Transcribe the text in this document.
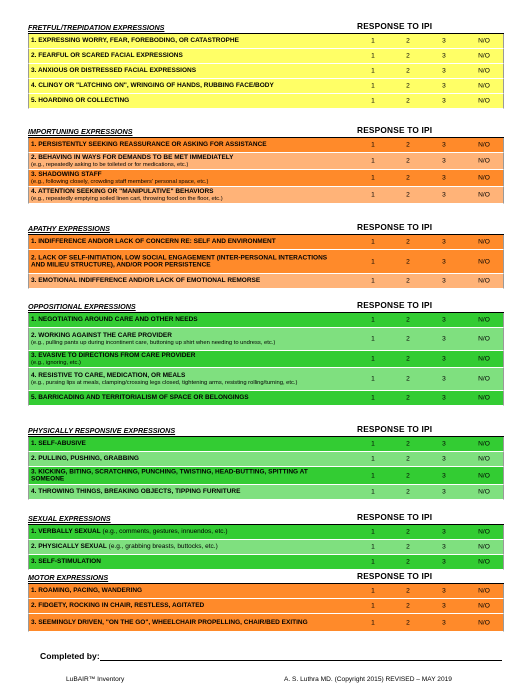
FRETFUL/TREPIDATION EXPRESSIONS	RESPONSE TO IPI
1. EXPRESSING WORRY, FEAR, FOREBODING, OR CATASTROPHE	1	2	3	N/O
2. FEARFUL OR SCARED FACIAL EXPRESSIONS	1	2	3	N/O
3. ANXIOUS OR DISTRESSED FACIAL EXPRESSIONS	1	2	3	N/O
4. CLINGY OR "LATCHING ON", WRINGING OF HANDS, RUBBING FACE/BODY	1	2	3	N/O
5. HOARDING OR COLLECTING	1	2	3	N/O
IMPORTUNING EXPRESSIONS	RESPONSE TO IPI
1. PERSISTENTLY SEEKING REASSURANCE OR ASKING FOR ASSISTANCE	1	2	3	N/O
2. BEHAVING IN WAYS FOR DEMANDS TO BE MET IMMEDIATELY
(e.g., repeatedly asking to be toileted or for medications, etc.)
1	2	3	N/O
3. SHADOWING STAFF
(e.g., following closely, crowding staff members' personal space, etc.)
1	2	3	N/O
4. ATTENTION SEEKING OR "MANIPULATIVE" BEHAVIORS
(e.g., repeatedly emptying soiled linen cart, throwing food on the floor, etc.)
1	2	3	N/O
APATHY EXPRESSIONS	RESPONSE TO IPI
1. INDIFFERENCE AND/OR LACK OF CONCERN RE: SELF AND ENVIRONMENT	1	2	3	N/O
2. LACK OF SELF-INITIATION, LOW SOCIAL ENGAGEMENT (INTER-PERSONAL INTERACTIONS AND MILIEU STRUCTURE), AND/OR POOR PERSISTENCE	1	2	3	N/O
3. EMOTIONAL INDIFFERENCE AND/OR LACK OF EMOTIONAL REMORSE	1	2	3	N/O
OPPOSITIONAL EXPRESSIONS	RESPONSE TO IPI
1. NEGOTIATING AROUND CARE AND OTHER NEEDS	1	2	3	N/O
2. WORKING AGAINST THE CARE PROVIDER
(e.g., pulling pants up during incontinent care, buttoning up shirt when needing to undress, etc.)
1	2	3	N/O
3. EVASIVE TO DIRECTIONS FROM CARE PROVIDER
(e.g., ignoring, etc.)
1	2	3	N/O
4. RESISTIVE TO CARE, MEDICATION, OR MEALS
(e.g., pursing lips at meals, clamping/crossing legs closed, tightening arms, resisting rolling/turning, etc.)
1	2	3	N/O
5. BARRICADING AND TERRITORIALISM OF SPACE OR BELONGINGS	1	2	3	N/O
PHYSICALLY RESPONSIVE EXPRESSIONS	RESPONSE TO IPI
1. SELF-ABUSIVE	1	2	3	N/O
2. PULLING, PUSHING, GRABBING	1	2	3	N/O
3. KICKING, BITING, SCRATCHING, PUNCHING, TWISTING, HEAD-BUTTING, SPITTING AT SOMEONE	1	2	3	N/O
4. THROWING THINGS, BREAKING OBJECTS, TIPPING FURNITURE	1	2	3	N/O
SEXUAL EXPRESSIONS	RESPONSE TO IPI
1. VERBALLY SEXUAL (e.g., comments, gestures, innuendos, etc.)	1	2	3	N/O
2. PHYSICALLY SEXUAL (e.g., grabbing breasts, buttocks, etc.)	1	2	3	N/O
3. SELF-STIMULATION	1	2	3	N/O
MOTOR EXPRESSIONS	RESPONSE TO IPI
1. ROAMING, PACING, WANDERING	1	2	3	N/O
2. FIDGETY, ROCKING IN CHAIR, RESTLESS, AGITATED	1	2	3	N/O
3. SEEMINGLY DRIVEN, "ON THE GO", WHEELCHAIR PROPELLING, CHAIR/BED EXITING	1	2	3	N/O
Completed by:
LuBAIR™ Inventory	A. S. Luthra MD. (Copyright 2015) REVISED – MAY 2019
